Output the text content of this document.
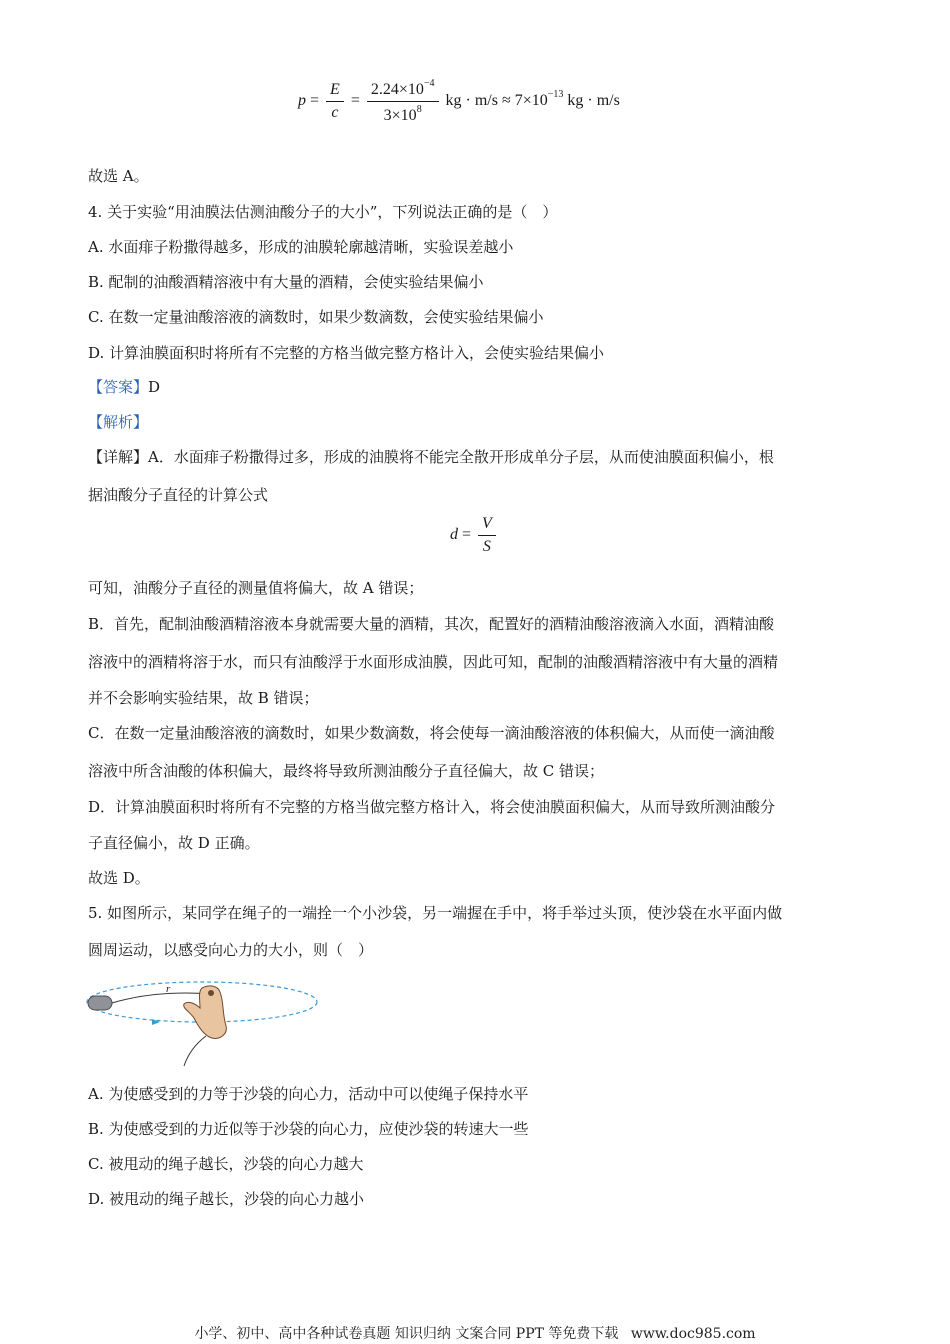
$p = \frac{E}{c} = \frac{2.24\times 10^{-4}}{3\times 10^8}$ kg · $m/s \approx 7\times 10^{-13}$ kg · m/s
故选 A。
4. 关于实验“用油膜法估测油酸分子的大小”，下列说法正确的是（　）
A. 水面痱子粉撒得越多，形成的油膜轮廓越清晰，实验误差越小
B. 配制的油酸酒精溶液中有大量的酒精，会使实验结果偏小
C. 在数一定量油酸溶液的滴数时，如果少数滴数，会使实验结果偏小
D. 计算油膜面积时将所有不完整的方格当做完整方格计入，会使实验结果偏小
【答案】D
【解析】
【详解】A．水面痱子粉撒得过多，形成的油膜将不能完全散开形成单分子层，从而使油膜面积偏小，根
据油酸分子直径的计算公式
$d = \frac{V}{S}$
可知，油酸分子直径的测量值将偏大，故 A 错误；
B．首先，配制油酸酒精溶液本身就需要大量的酒精，其次，配置好的酒精油酸溶液滴入水面，酒精油酸
溶液中的酒精将溶于水，而只有油酸浮于水面形成油膜，因此可知，配制的油酸酒精溶液中有大量的酒精
并不会影响实验结果，故 B 错误；
C．在数一定量油酸溶液的滴数时，如果少数滴数，将会使每一滴油酸溶液的体积偏大，从而使一滴油酸
溶液中所含油酸的体积偏大，最终将导致所测油酸分子直径偏大，故 C 错误；
D．计算油膜面积时将所有不完整的方格当做完整方格计入，将会使油膜面积偏大，从而导致所测油酸分
子直径偏小，故 D 正确。
故选 D。
5. 如图所示，某同学在绳子的一端拴一个小沙袋，另一端握在手中，将手举过头顶，使沙袋在水平面内做
圆周运动，以感受向心力的大小，则（　）
r
A. 为使感受到的力等于沙袋的向心力，活动中可以使绳子保持水平
B. 为使感受到的力近似等于沙袋的向心力，应使沙袋的转速大一些
C. 被甩动的绳子越长，沙袋的向心力越大
D. 被甩动的绳子越长，沙袋的向心力越小
小学、初中、高中各种试卷真题 知识归纳 文案合同 PPT 等免费下载 www.doc985.com
